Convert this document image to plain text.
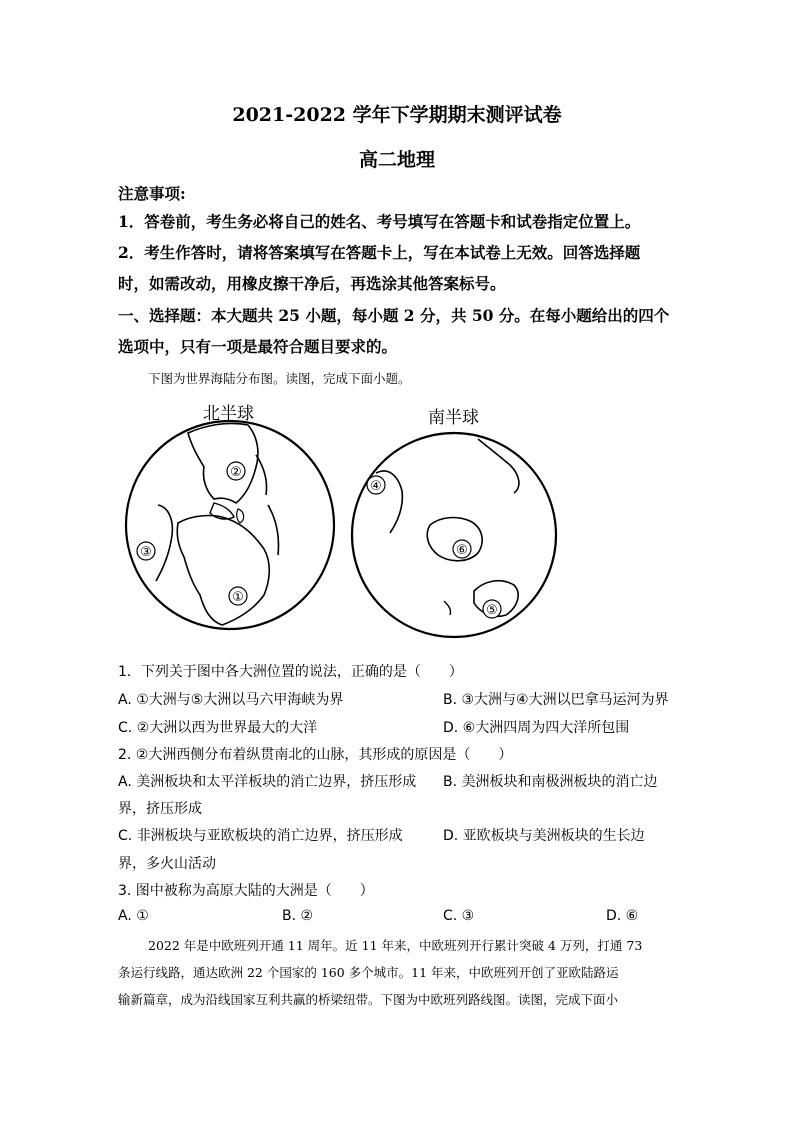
2021-2022 学年下学期期末测评试卷
高二地理
注意事项:
1．答卷前，考生务必将自己的姓名、考号填写在答题卡和试卷指定位置上。
2．考生作答时，请将答案填写在答题卡上，写在本试卷上无效。回答选择题
时，如需改动，用橡皮擦干净后，再选涂其他答案标号。
一、选择题：本大题共 25 小题，每小题 2 分，共 50 分。在每小题给出的四个
选项中，只有一项是最符合题目要求的。
下图为世界海陆分布图。读图，完成下面小题。
北半球	南半球
②
③
①
④
⑥
⑤
1．下列关于图中各大洲位置的说法，正确的是（　　）
A. ①大洲与⑤大洲以马六甲海峡为界	B. ③大洲与④大洲以巴拿马运河为界
C. ②大洲以西为世界最大的大洋	D. ⑥大洲四周为四大洋所包围
2. ②大洲西侧分布着纵贯南北的山脉，其形成的原因是（　　）
A. 美洲板块和太平洋板块的消亡边界，挤压形成 B. 美洲板块和南极洲板块的消亡边
界，挤压形成
C. 非洲板块与亚欧板块的消亡边界，挤压形成	D. 亚欧板块与美洲板块的生长边
界，多火山活动
3. 图中被称为高原大陆的大洲是（　　）
A. ①	B. ②	C. ③	D. ⑥
2022 年是中欧班列开通 11 周年。近 11 年来，中欧班列开行累计突破 4 万列，打通 73
条运行线路，通达欧洲 22 个国家的 160 多个城市。11 年来，中欧班列开创了亚欧陆路运
输新篇章，成为沿线国家互利共赢的桥梁纽带。下图为中欧班列路线图。读图，完成下面小
